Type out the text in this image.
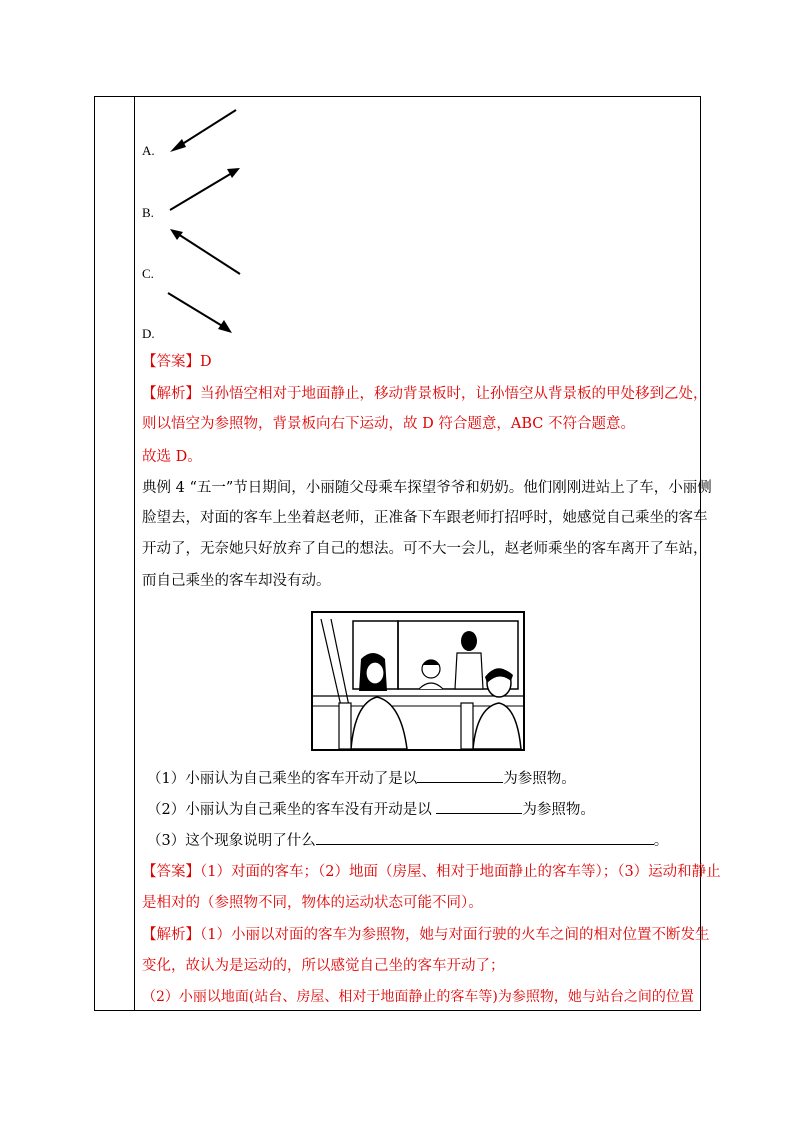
A.
B.
C.
D.
【答案】D
【解析】当孙悟空相对于地面静止，移动背景板时，让孙悟空从背景板的甲处移到乙处，
则以悟空为参照物，背景板向右下运动，故 D 符合题意，ABC 不符合题意。
故选 D。
典例 4 “五一”节日期间，小丽随父母乘车探望爷爷和奶奶。他们刚刚进站上了车，小丽侧
脸望去，对面的客车上坐着赵老师，正准备下车跟老师打招呼时，她感觉自己乘坐的客车
开动了，无奈她只好放弃了自己的想法。可不大一会儿，赵老师乘坐的客车离开了车站，
而自己乘坐的客车却没有动。
（1）小丽认为自己乘坐的客车开动了是以	为参照物。
（2）小丽认为自己乘坐的客车没有开动是以	为参照物。
（3）这个现象说明了什么	。
【答案】（1）对面的客车；（2）地面（房屋、相对于地面静止的客车等）；（3）运动和静止
是相对的（参照物不同，物体的运动状态可能不同）。
【解析】（1）小丽以对面的客车为参照物，她与对面行驶的火车之间的相对位置不断发生
变化，故认为是运动的，所以感觉自己坐的客车开动了；
（2）小丽以地面(站台、房屋、相对于地面静止的客车等)为参照物，她与站台之间的位置
